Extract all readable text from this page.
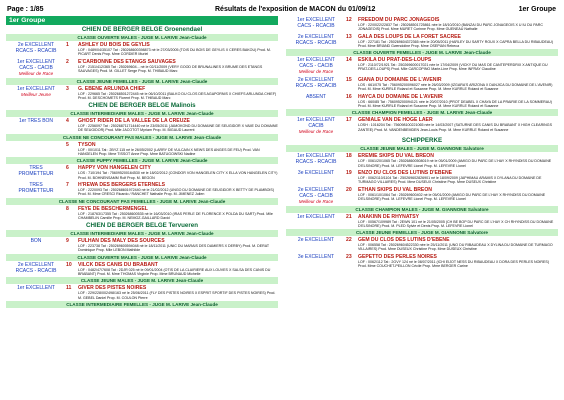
Page : 1/85	Résultats de l'exposition de MACON du 01/09/12	1er Groupe
1er Groupe
CHIEN DE BERGER BELGE Groenendael
CLASSE OUVERTE MALES - JUGE M. LARIVE Jean-Claude
2e EXCELLENT
RCACS - RCACIB
1	ASHLEY DU BOIS DE GEYLIS
LOF : 0489/04/35107 Tat : 250268600398873 né le 27/03/2005 (TOIS DU BOIS DE GEYLIS X CERES BAKOU) Prod. M. PICART Denis Prop. Mme CORDIER Muriel
1er EXCELLENT
CACS - CACIB
Meilleur de Race
2	E'CARBONNE DES ETANGS SAUVAGES
LOF : 2151/412/365 Tat : 250269604... né le 02/11/2009 (VERY GOOD DE BRUNALINES X BRUME DES ETANGS SAUVAGES) Prod. M. GILLET Serge Prop. M. THIBAUD Marc
CLASSE JEUNE FEMELLES - JUGE M. LARIVE Jean-Claude
1er EXCELLENT
Meilleur Jeune
3	G. EBENE ARLUNDA CHIEF
LOF : 229665 Tat : 250268501272445 né le 06/10/2011 (BALKO DU CLOS DES AGAPORNIS X CHIEFS ARLUNDA CHIEF) Prod. M. DESCHOMETS Florent Prop. M. THIBAUD Marc
CHIEN DE BERGER BELGE Malinois
CLASSE INTERMEDIAIRE MALES - JUGE M. LARIVE Jean-Claude
1er TRES BON	4	GHOST RIDER DE LA VALLEE DE LA CREUZE
LOF : 2256097 Tat : 250268711714440 né le 23/05/2011 (JAMOKOND DU DOMAINE DE SEUGIDOR X VAIIE DU DOMAINE DE SEUGIDOR) Prod. Mlle JACOTOT Myriam Prop. M. BIGAUD Laurent
CLASSE NE CONCOURANT PAS MALES - JUGE M. LARIVE Jean-Claude
5	TYSON
LOF : 00/1011 Tat : 2BYZ 115 né le 26/05/2002 (LARRY DE VULCAIN X NEWS DES ANGES DE FEU) Prod. VAN HANGELEN Prop. Mme TISSOT Anne Prop. Mme BATUGOWSKI Nadine
CLASSE PUPPY FEMELLES - JUGE M. LARIVE Jean-Claude
TRES
PROMETTEUR
6	HAPPY VON HANGELEN CITY
LOS : 710/194 Tat : 756095200164530 né le 18/02/2012 (CONDOR VON HANGELEN CITY X ELLA VON HANGELEN CITY) Prod. M. BOHNENSAMM Rolf Prop. M. BEGON
TRES
PROMETTEUR
7	H'REWA DES BERGERS ETERNELS
LOF : 2220093 Tat : 250268601972440 né le 21/02/2012 (UNGO DU DOMAINE DE SEUGIDOR X BETTY DE PLAMBOIS) Prod. M. Mme CRESCI Ricardo / RANCHET Nathalie Prop. M. JIMENEZ Julien
CLASSE NE CONCOURANT PAS FEMELLES - JUGE M. LARIVE Jean-Claude
8	FEYE DE BESCHERMENGEL
LOF : 218763/17355 Tat : 250268600535 né le 16/03/2010 (IRAS PERLE DE FLORENCE X POLDA DU SART) Prod. Mlle CHAMBELIN Camille Prop. M. NEMOZ-GAILLARD David
CHIEN DE BERGER BELGE Tervueren
CLASSE INTERMEDIAIRE MALES - JUGE M. LARIVE Jean-Claude
BON	9	FULHAN DES MALY DES SOURCES
LOF : 223738 Tat : 250269600594048 né le 18/11/2011 (UNIC DU MARAIS DES DAMIERS X DERBY) Prod. M. DERAT Dominique Prop. Mlle LEBON Mathilde
CLASSE OUVERTE MALES - JUGE M. LARIVE Jean-Claude
2e EXCELLENT
RCACS - RCACIB
10	VILCK DES CANIS DU BRABANT
LOF : 0482/47/7608 Tat : 2DJR 025 né le 09/01/2004 (OTIS DE LA CLAIRIERE AUX LOUVES X SALSA DES CANIS DU BRABANT) Prod. M. Mme THOMAS Virginie Prop. Mme BRUNAUD Michelle
CLASSE JEUNE MALES - JUGE M. LARIVE Jean-Claude
1er EXCELLENT	11	GIVER DES PISTES NOIRES
LOF : 229/228/002498/163 né le 25/06/2011 (FLY DES PISTES NOIRES X ESPRIT SPORTIF DES PISTES NOIRES) Prod. M. GEBEL Daniel Prop. M. COULON Pierre
CLASSE INTERMEDIAIRE FEMELLES - JUGE M. LARIVE Jean-Claude
1er EXCELLENT
CACS - RCACIB
12	FREEDOM DU PARC JONAGEOIS
LOF : 22/0022/22837 Tat : 250268501725861 née le 18/10/2010 (BANZAI DU PARC JONAGEOIS X U IU DU PARC JONAGEOIS) Prod. Mme MURET Corinne Prop. Mme GUENEAU Nathalie
2e EXCELLENT
RCACS - RCACIB
13	GALA DES LOUPS DE LA FORET SACREE
LOF : 227181 Tat : 250269604372365 née le 20/05/2011 (HARLEY DU SARTY ROUX X CAPRA BELLA DU RIBAUDEAU) Prod. Mme BRIAND Gwendoline Prop. Mme OSEPIAN Rebeca
CLASSE OUVERTE FEMELLES - JUGE M. LARIVE Jean-Claude
1er EXCELLENT
CACS - CACIB
Meilleur de Race
14	ESKILA DU PRAT-DES-LOUPS
LOF : 2110/72/1921 Tat : 250269600017021 née le 17/04/2009 (VICKY DU MAS DE CANTEPERDRIX X ANTIQUE DU PRAT-DES-LOUPS) Prod. Mlle CARCOPINO Marie-Line Prop. Mme INFRAY Claudine
2e EXCELLENT
RCACS - RCACIB
15	GIANA DU DOMAINE DE L'AVENIR
LOS : 661/075 Tat : 756095200096027 née le 26/03/2009 (IZGARA'S ARIZONA X DANJICA DU DOMAINE DE L'AVENIR) Prod. M. Mme KURRLE Roland et Susanne Prop. M. Mme KURRLE Roland et Susanne
ABSENT	16	HAYCA DU DOMAINE DE L'AVENIR
LOS : 660/85 Tat : 756095200094121 née le 20/07/2010 (PROT DEABEL X CHAYA DE LA PRAIRIE DE LA SOMMERAU) Prod. M. Mme KURRLE Roland et Susanne Prop. M. Mme KURRLE Roland et Susanne
CLASSE CHAMPION FEMELLES - JUGE M. LARIVE Jean-Claude
1er EXCELLENT
CACIB
Meilleur de Race
17	GENIALE VAN DE HOGE LAER
LOSH : 1016204 Tat : 756098100221065 née le 14/03/2007 (SATURNE DES CANIS DU BRABANT X HIGH CLEARINGS ZANTEE) Prod. M. VANDENBEMDEN Jean-Louis Prop. M. Mme KURRLE Roland et Susanne
SCHIPPERKE
CLASSE JEUNE MALES - JUGE M. GIANNONE Salvatore
1er EXCELLENT
RCACS - RCACIB
18	EREMIE SKIPS DU VAL BREON
LOF : 0061/20/1065 Tat : 250268600508019 né le 05/01/2009 (AMIGO DU PARC DE L'HAY X RHYNDISS DU DOMAINE D'ELSINORE) Prod. M. LEFEVRE Lionel Prop. M. LEFEVRE Lionel
3e EXCELLENT	19	ENZO DU CLOS DES LUTINS D'EBENE
LOF : 0062/110/1104 Tat : 250269602826901 né le 18/09/2009 (JAPHIMAU ARAMIS X DYLANA DU DOMAINE DE TURMAGO VILLAIRES) Prod. Mme DUSEUX Christine Prop. Mme DUSEUX Christine
2e EXCELLENT
CACS - CACIB
Meilleur de Race
20	ETHAN SKIPS DU VAL BREON
LOF : 0061/10/1064 Tat : 250269600402 né le 05/01/2009 (AMIGO DU PARC DE L'HAY X RHYNDISS DU DOMAINE D'ELSINORE) Prod. M. LEFEVRE Lionel Prop. M. LEFEVRE Lionel
CLASSE CHAMPION MALES - JUGE M. GIANNONE Salvatore
1er EXCELLENT	21	ANAKINN DE RHYNATSY
LOF : 00567/109989 Tat : 2EWN 101 né le 21/05/2005 (CH BE BOP DU PARC DE L'HAY X CH RHYNDISS DU DOMAINE D'ELSINORE) Prod. M. PLED Sylvie et Denis Prop. M. LEFEVRE Lionel
CLASSE JEUNE FEMELLES - JUGE M. GIANNONE Salvatore
2e EXCELLENT	22	GEM DU CLOS DES LUTINS D'EBENE
LOF : 006558 Tat : 250269604522330 née le 25/11/2011 (UNO DU RIBAUDEAU X DYLINA DU DOMAINE DE TURMAGO VILLAIRES) Prod. Mme DUSEUX Christine Prop. Mme DUSEUX Christine
3e EXCELLENT	23	GEPETTO DES PERLES NOIRES
LOF : 0062/112 Tat : 2GVY 124 né le 08/07/2011 (ICHI EIJOT NESS DU RIBAUDEAU X DORA DES PERLES NOIRES) Prod. Mme COUCHET-PEILLON Cécile Prop. Mme BERGER Carine
